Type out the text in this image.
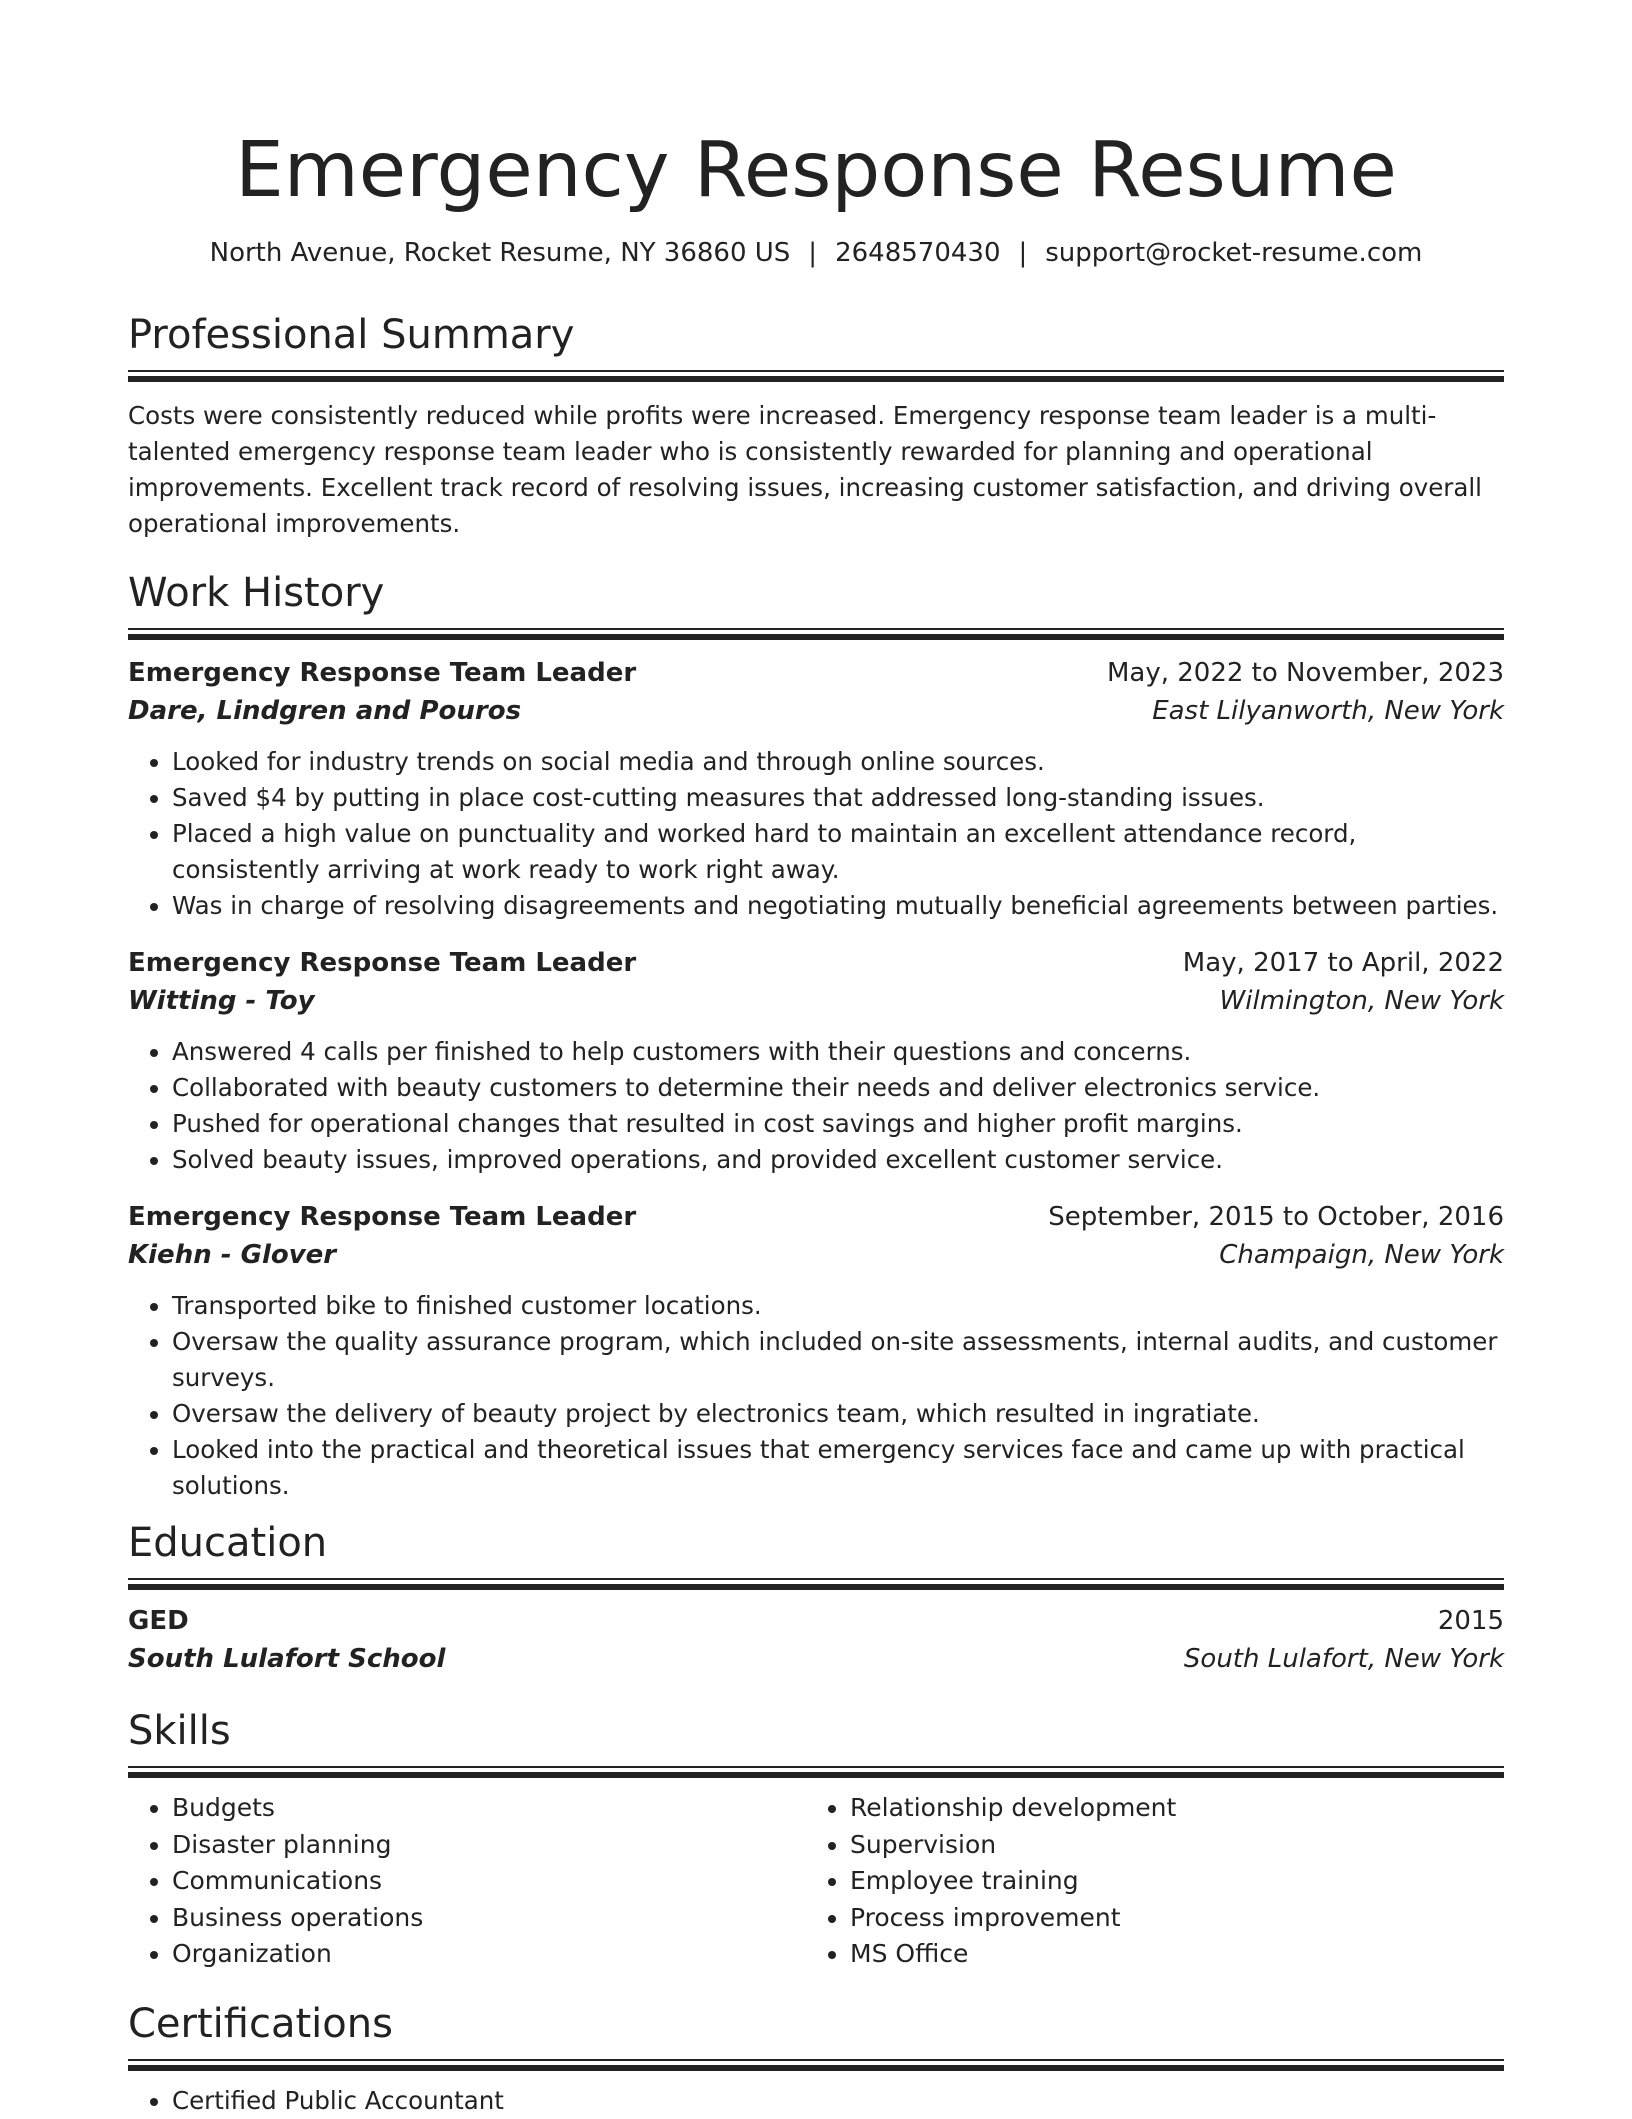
Emergency Response Resume
North Avenue, Rocket Resume, NY 36860 US | 2648570430 | support@rocket-resume.com
Professional Summary

Costs were consistently reduced while profits were increased. Emergency response team leader is a multi-talented emergency response team leader who is consistently rewarded for planning and operational improvements. Excellent track record of resolving issues, increasing customer satisfaction, and driving overall operational improvements.

Work History
Emergency Response Team Leader	May, 2022 to November, 2023
Dare, Lindgren and Pouros	East Lilyanworth, New York
• Looked for industry trends on social media and through online sources.
• Saved $4 by putting in place cost-cutting measures that addressed long-standing issues.
• Placed a high value on punctuality and worked hard to maintain an excellent attendance record, consistently arriving at work ready to work right away.
• Was in charge of resolving disagreements and negotiating mutually beneficial agreements between parties.
Emergency Response Team Leader	May, 2017 to April, 2022
Witting - Toy	Wilmington, New York
• Answered 4 calls per finished to help customers with their questions and concerns.
• Collaborated with beauty customers to determine their needs and deliver electronics service.
• Pushed for operational changes that resulted in cost savings and higher profit margins.
• Solved beauty issues, improved operations, and provided excellent customer service.
Emergency Response Team Leader	September, 2015 to October, 2016
Kiehn - Glover	Champaign, New York
• Transported bike to finished customer locations.
• Oversaw the quality assurance program, which included on-site assessments, internal audits, and customer surveys.
• Oversaw the delivery of beauty project by electronics team, which resulted in ingratiate.
• Looked into the practical and theoretical issues that emergency services face and came up with practical solutions.
Education
GED	2015
South Lulafort School	South Lulafort, New York
Skills
• Budgets
• Disaster planning
• Communications
• Business operations
• Organization
• Relationship development
• Supervision
• Employee training
• Process improvement
• MS Office
Certifications
• Certified Public Accountant
